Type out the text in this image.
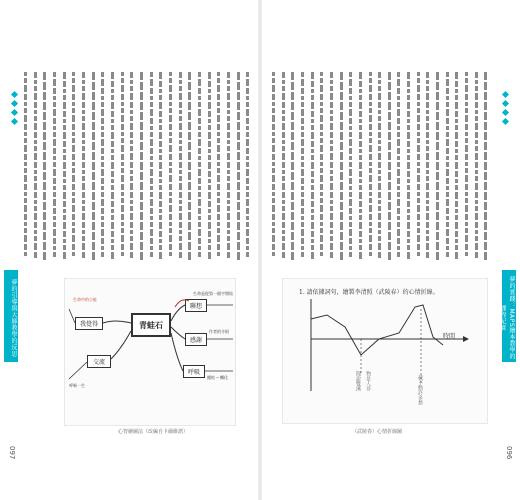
夢的引導與大師教學的反思
097
青蛙石
我覺得
交流
聯想
感謝
呼吸
生命是從第一個字開始
作者的介紹
呼吸一生
總結 ─ 轉化
生命中的小蛙
心智繪圖法（改編自卡爾維諾）
夢的實踐：MAPS繪本教學的課程紀實
096
1. 請依據詞句，繪製李清照（武陵春）的心情折線。
時間
聞說雙溪 物是人非	載不動許多愁
（武陵春）心情折線圖
